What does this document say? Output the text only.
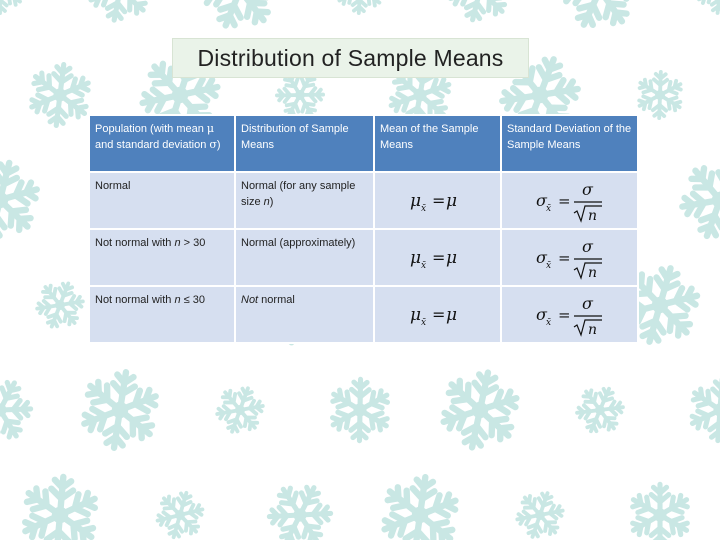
Distribution of Sample Means
Population (with mean μ and standard deviation σ)	Distribution of Sample Means	Mean of the Sample Means	Standard Deviation of the Sample Means
Normal	Normal (for any sample size n)	μ x̄ = μ	σ x̄ =
σ
n

Not normal with n > 30	Normal (approximately)	μ x̄ = μ	σ x̄ =
σ
n

Not normal with n ≤ 30	Not normal	μ x̄ = μ	σ x̄ =
σ
n
